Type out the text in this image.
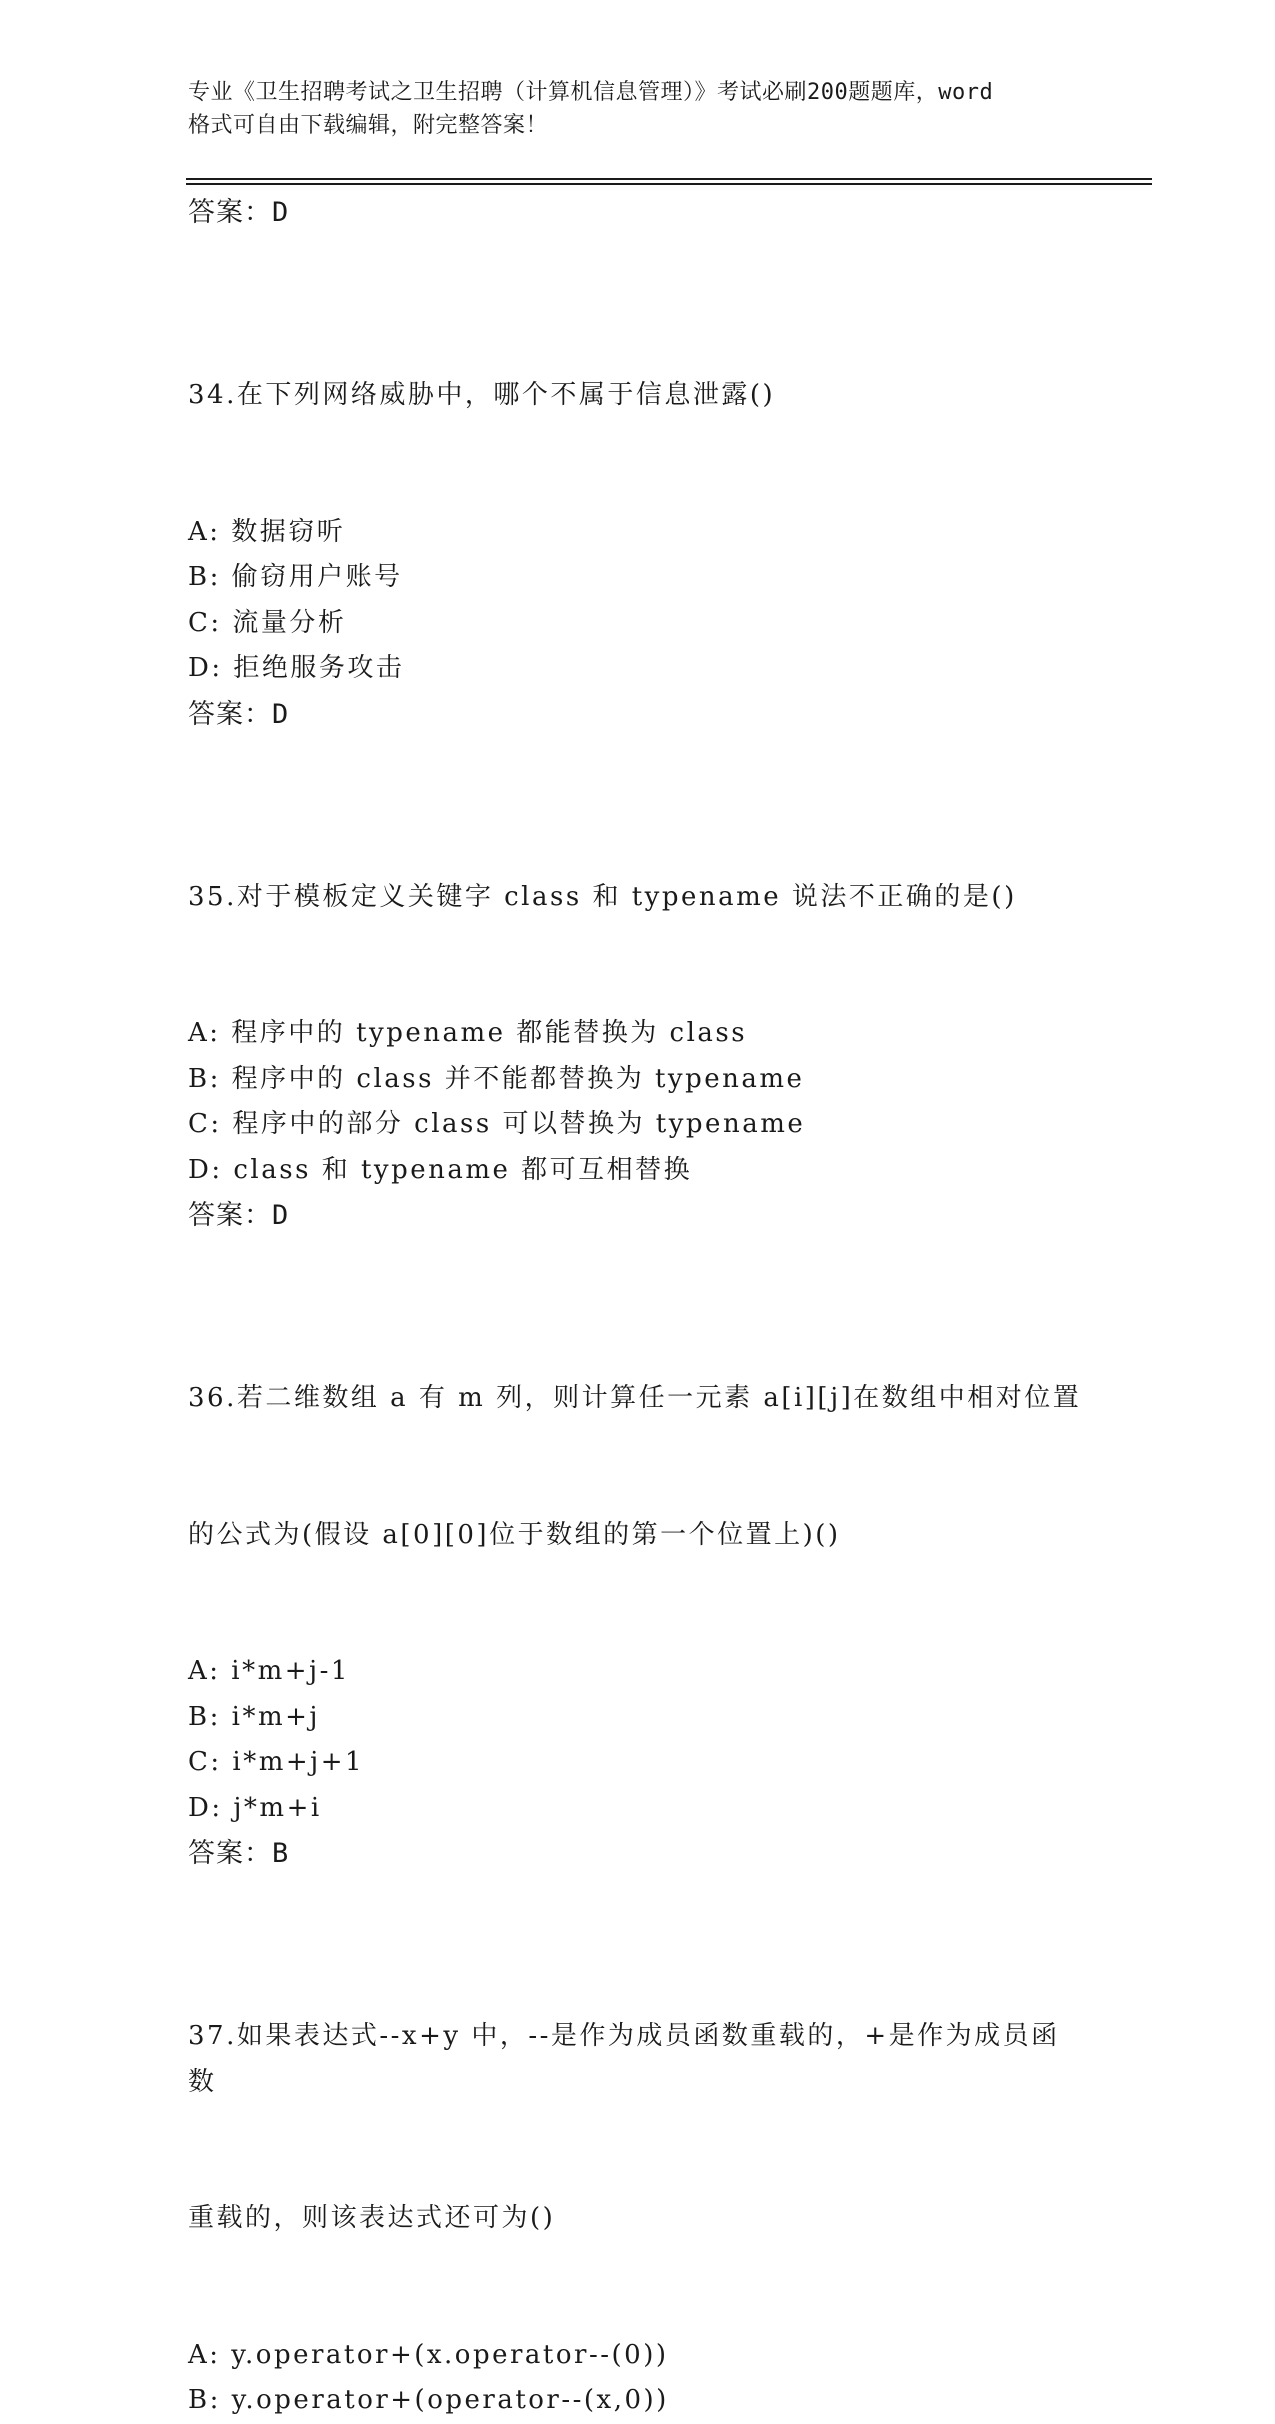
专业《卫生招聘考试之卫生招聘（计算机信息管理）》考试必刷200题题库，word
格式可自由下载编辑，附完整答案！
答案：D

34.在下列网络威胁中，哪个不属于信息泄露()

A: 数据窃听
B: 偷窃用户账号
C: 流量分析
D: 拒绝服务攻击
答案：D

35.对于模板定义关键字 class 和 typename 说法不正确的是()

A: 程序中的 typename 都能替换为 class
B: 程序中的 class 并不能都替换为 typename
C: 程序中的部分 class 可以替换为 typename
D: class 和 typename 都可互相替换
答案：D

36.若二维数组 a 有 m 列，则计算任一元素 a[i][j]在数组中相对位置

的公式为(假设 a[0][0]位于数组的第一个位置上)()

A: i*m+j-1
B: i*m+j
C: i*m+j+1
D: j*m+i
答案：B

37.如果表达式--x+y 中，--是作为成员函数重载的，+是作为成员函数

重载的，则该表达式还可为()

A: y.operator+(x.operator--(0))
B: y.operator+(operator--(x,0))
